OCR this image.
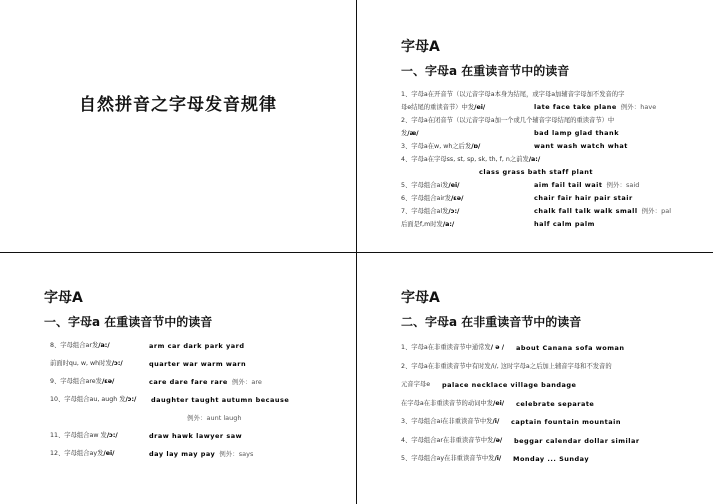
自然拼音之字母发音规律
字母A
一、字母a 在重读音节中的读音
1、字母a在开音节（以元音字母a本身为结尾，或字母a加辅音字母加不发音的字
母e结尾的重读音节）中发/ei/	late face take plane 例外：have
2、字母a在闭音节（以元音字母a加一个或几个辅音字母结尾的重读音节）中
发/æ/	bad lamp glad thank
3、字母a在w, wh之后发/ɒ/	want wash watch what
4、字母a在字母ss, st, sp, sk, th, f, n之前发/a:/
class grass bath staff plant
5、字母组合ai发/ei/	aim fail tail wait 例外：said
6、字母组合air发/ɛə/	chair fair hair pair stair
7、字母组合al发/ɔ:/	chalk fall talk walk small 例外：pal
后面是f,m时发/a:/	half calm palm
字母A
一、字母a 在重读音节中的读音
8、字母组合ar发/a:/	arm car dark park yard
前面时qu, w, wh时发/ɔ:/	quarter war warm warn
9、字母组合are发/ɛə/	care dare fare rare 例外：are
10、字母组合au, augh 发/ɔ:/ daughter taught autumn because
例外：aunt laugh
11、字母组合aw 发/ɔ:/	draw hawk lawyer saw
12、字母组合ay发/ei/	day lay may pay 例外：says
字母A
二、字母a 在非重读音节中的读音
1、字母a在非重读音节中通常发/ ə / about Canana sofa woman
2、字母a在非重读音节中有时发/i/, 这时字母a之后加上辅音字母和不发音的
元音字母e palace necklace village bandage
在字母a在非重读音节的动词中发/ei/ celebrate separate
3、字母组合ai在非重读音节中发/i/ captain fountain mountain
4、字母组合ar在非重读音节中发/ə/ beggar calendar dollar similar
5、字母组合ay在非重读音节中发/i/ Monday ... Sunday
